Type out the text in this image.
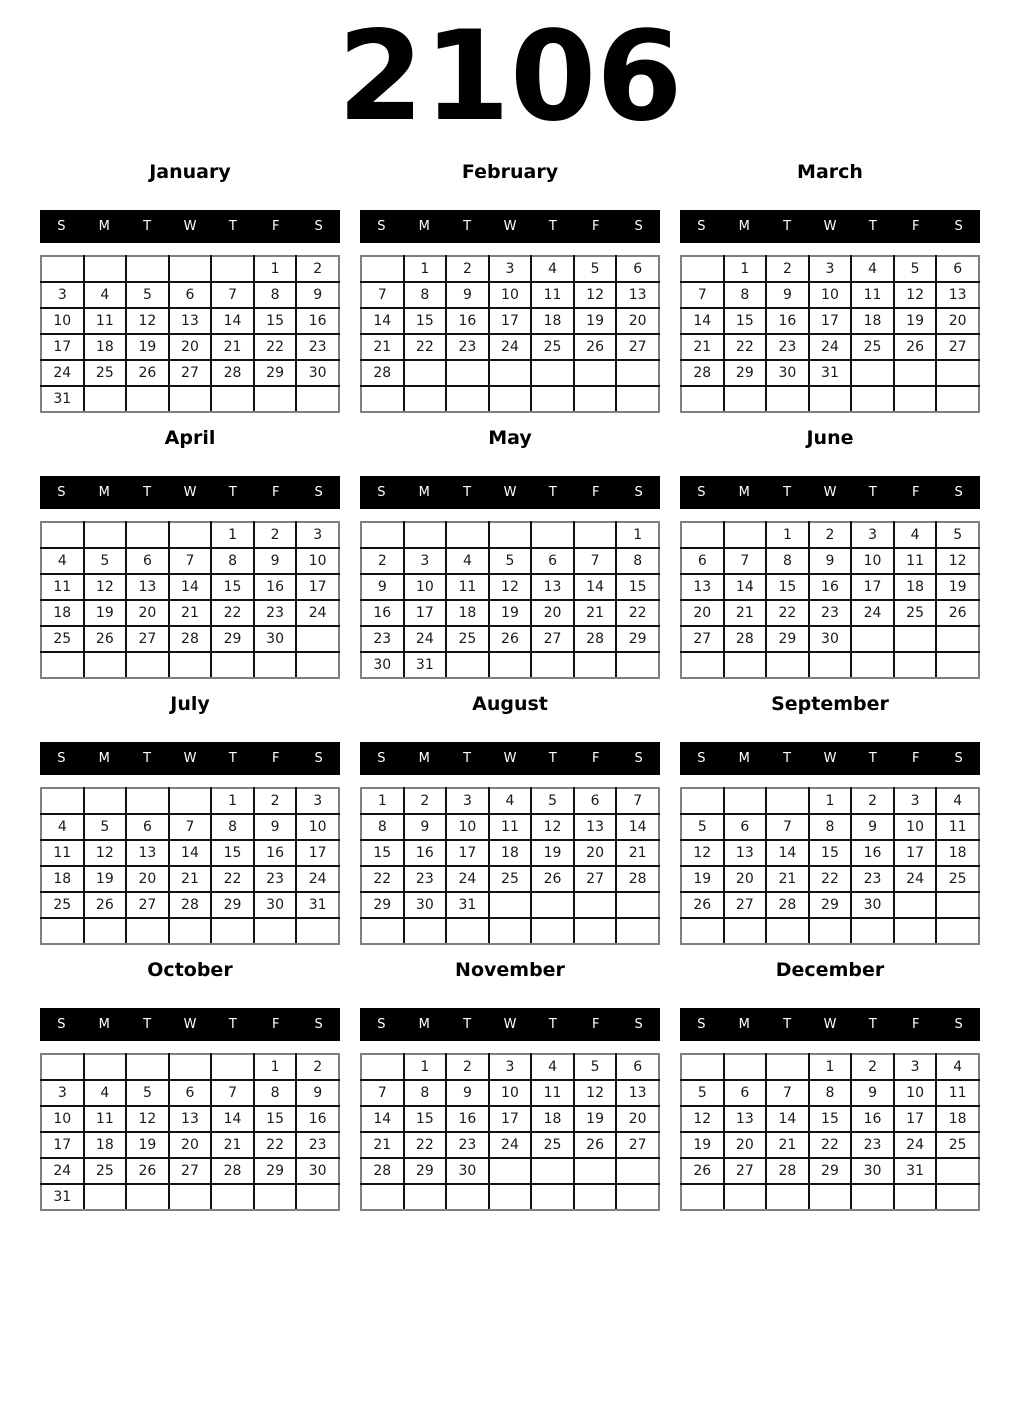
2106
January
S	M	T	W	T	F	S
					1	2
3	4	5	6	7	8	9
10	11	12	13	14	15	16
17	18	19	20	21	22	23
24	25	26	27	28	29	30
31						
February
S	M	T	W	T	F	S
	1	2	3	4	5	6
7	8	9	10	11	12	13
14	15	16	17	18	19	20
21	22	23	24	25	26	27
28						

March
S	M	T	W	T	F	S
	1	2	3	4	5	6
7	8	9	10	11	12	13
14	15	16	17	18	19	20
21	22	23	24	25	26	27
28	29	30	31			

April
S	M	T	W	T	F	S
				1	2	3
4	5	6	7	8	9	10
11	12	13	14	15	16	17
18	19	20	21	22	23	24
25	26	27	28	29	30	

May
S	M	T	W	T	F	S
						1
2	3	4	5	6	7	8
9	10	11	12	13	14	15
16	17	18	19	20	21	22
23	24	25	26	27	28	29
30	31					
June
S	M	T	W	T	F	S
		1	2	3	4	5
6	7	8	9	10	11	12
13	14	15	16	17	18	19
20	21	22	23	24	25	26
27	28	29	30			

July
S	M	T	W	T	F	S
				1	2	3
4	5	6	7	8	9	10
11	12	13	14	15	16	17
18	19	20	21	22	23	24
25	26	27	28	29	30	31

August
S	M	T	W	T	F	S
1	2	3	4	5	6	7
8	9	10	11	12	13	14
15	16	17	18	19	20	21
22	23	24	25	26	27	28
29	30	31				

September
S	M	T	W	T	F	S
			1	2	3	4
5	6	7	8	9	10	11
12	13	14	15	16	17	18
19	20	21	22	23	24	25
26	27	28	29	30		

October
S	M	T	W	T	F	S
					1	2
3	4	5	6	7	8	9
10	11	12	13	14	15	16
17	18	19	20	21	22	23
24	25	26	27	28	29	30
31						
November
S	M	T	W	T	F	S
	1	2	3	4	5	6
7	8	9	10	11	12	13
14	15	16	17	18	19	20
21	22	23	24	25	26	27
28	29	30				

December
S	M	T	W	T	F	S
			1	2	3	4
5	6	7	8	9	10	11
12	13	14	15	16	17	18
19	20	21	22	23	24	25
26	27	28	29	30	31	
